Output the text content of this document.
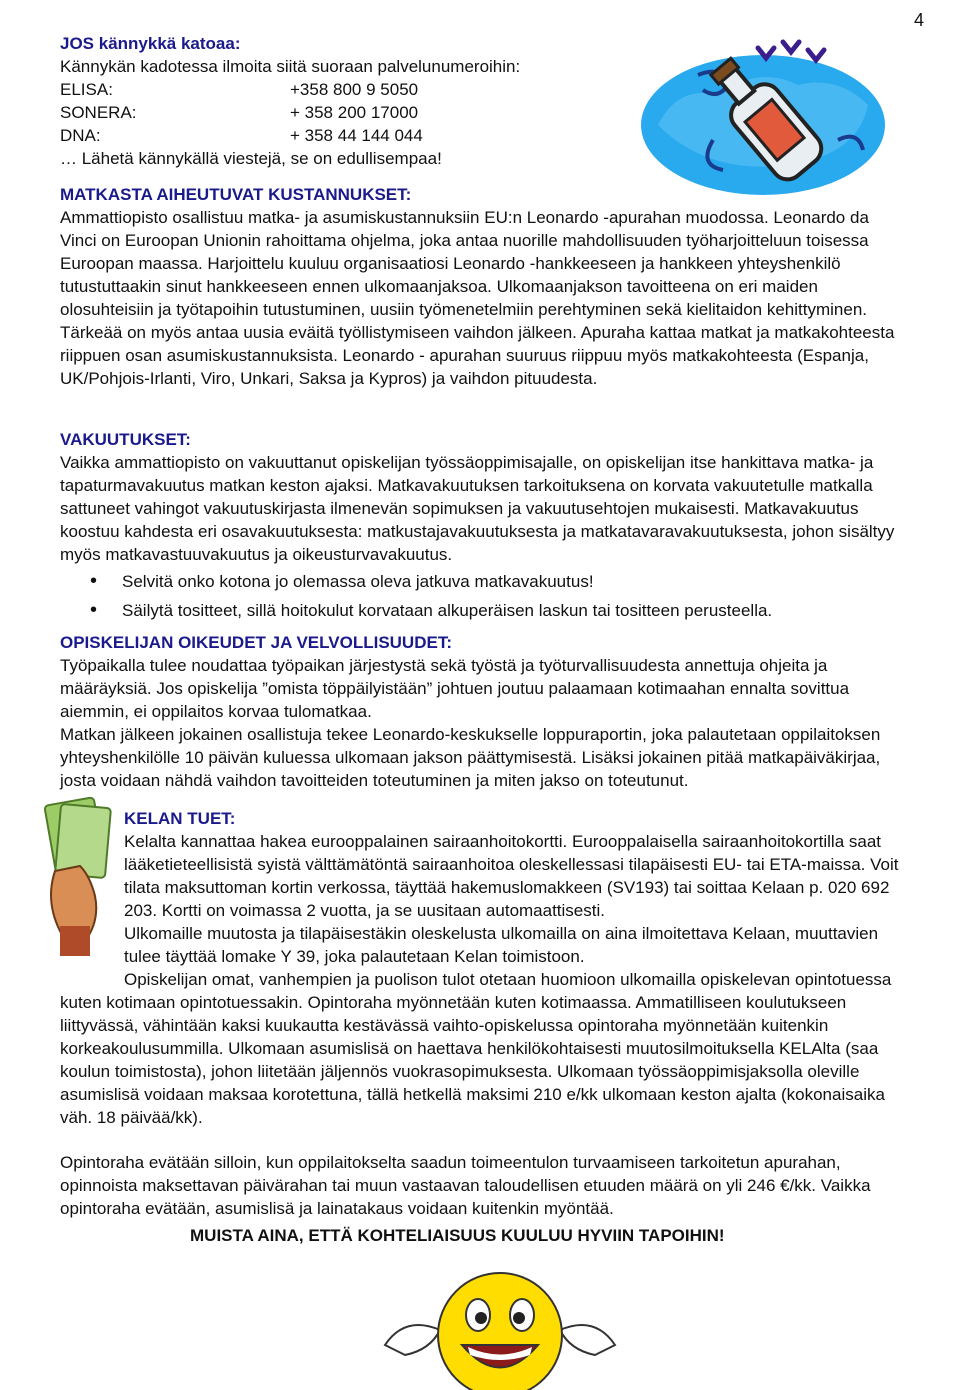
4
JOS kännykkä katoaa:
Kännykän kadotessa ilmoita siitä suoraan palvelunumeroihin:
ELISA:	+358 800 9 5050
SONERA:	+ 358 200 17000
DNA:	+ 358 44 144 044
… Lähetä kännykällä viestejä, se on edullisempaa!
MATKASTA AIHEUTUVAT KUSTANNUKSET:

Ammattiopisto osallistuu matka- ja asumiskustannuksiin EU:n Leonardo -apurahan muodossa. Leonardo da Vinci on Euroopan Unionin rahoittama ohjelma, joka antaa nuorille mahdollisuuden työharjoitteluun toisessa Euroopan maassa. Harjoittelu kuuluu organisaatiosi Leonardo -hankkeeseen ja hankkeen yhteyshenkilö tutustuttaakin sinut hankkeeseen ennen ulkomaanjaksoa. Ulkomaanjakson tavoitteena on eri maiden olosuhteisiin ja työtapoihin tutustuminen, uusiin työmenetelmiin perehtyminen sekä kielitaidon kehittyminen. Tärkeää on myös antaa uusia eväitä työllistymiseen vaihdon jälkeen. Apuraha kattaa matkat ja matkakohteesta riippuen osan asumiskustannuksista. Leonardo - apurahan suuruus riippuu myös matkakohteesta (Espanja, UK/Pohjois-Irlanti, Viro, Unkari, Saksa ja Kypros) ja vaihdon pituudesta.

VAKUUTUKSET:

Vaikka ammattiopisto on vakuuttanut opiskelijan työssäoppimisajalle, on opiskelijan itse hankittava matka- ja tapaturmavakuutus matkan keston ajaksi. Matkavakuutuksen tarkoituksena on korvata vakuutetulle matkalla sattuneet vahingot vakuutuskirjasta ilmenevän sopimuksen ja vakuutusehtojen mukaisesti. Matkavakuutus koostuu kahdesta eri osavakuutuksesta: matkustajavakuutuksesta ja matkatavaravakuutuksesta, johon sisältyy myös matkavastuuvakuutus ja oikeusturvavakuutus.

• Selvitä onko kotona jo olemassa oleva jatkuva matkavakuutus!
• Säilytä tositteet, sillä hoitokulut korvataan alkuperäisen laskun tai tositteen perusteella.
OPISKELIJAN OIKEUDET JA VELVOLLISUUDET:

Työpaikalla tulee noudattaa työpaikan järjestystä sekä työstä ja työturvallisuudesta annettuja ohjeita ja määräyksiä. Jos opiskelija ”omista töppäilyistään” johtuen joutuu palaamaan kotimaahan ennalta sovittua aiemmin, ei oppilaitos korvaa tulomatkaa.

Matkan jälkeen jokainen osallistuja tekee Leonardo-keskukselle loppuraportin, joka palautetaan oppilaitoksen yhteyshenkilölle 10 päivän kuluessa ulkomaan jakson päättymisestä. Lisäksi jokainen pitää matkapäiväkirjaa, josta voidaan nähdä vaihdon tavoitteiden toteutuminen ja miten jakso on toteutunut.

KELAN TUET:

Kelalta kannattaa hakea eurooppalainen sairaanhoitokortti. Eurooppalaisella sairaanhoitokortilla saat lääketieteellisistä syistä välttämätöntä sairaanhoitoa oleskellessasi tilapäisesti EU- tai ETA-maissa. Voit tilata maksuttoman kortin verkossa, täyttää hakemuslomakkeen (SV193) tai soittaa Kelaan p. 020 692 203. Kortti on voimassa 2 vuotta, ja se uusitaan automaattisesti.

Ulkomaille muutosta ja tilapäisestäkin oleskelusta ulkomailla on aina ilmoitettava Kelaan, muuttavien tulee täyttää lomake Y 39, joka palautetaan Kelan toimistoon.

Opiskelijan omat, vanhempien ja puolison tulot otetaan huomioon ulkomailla opiskelevan opintotuessa kuten kotimaan opintotuessakin. Opintoraha myönnetään kuten kotimaassa. Ammatilliseen koulutukseen liittyvässä, vähintään kaksi kuukautta kestävässä vaihto-opiskelussa opintoraha myönnetään kuitenkin korkeakoulusummilla. Ulkomaan asumislisä on haettava henkilökohtaisesti muutosilmoituksella KELAlta (saa koulun toimistosta), johon liitetään jäljennös vuokrasopimuksesta. Ulkomaan työssäoppimisjaksolla oleville asumislisä voidaan maksaa korotettuna, tällä hetkellä maksimi 210 e/kk ulkomaan keston ajalta (kokonaisaika väh. 18 päivää/kk).

Opintoraha evätään silloin, kun oppilaitokselta saadun toimeentulon turvaamiseen tarkoitetun apurahan, opinnoista maksettavan päivärahan tai muun vastaavan taloudellisen etuuden määrä on yli 246 €/kk. Vaikka opintoraha evätään, asumislisä ja lainatakaus voidaan kuitenkin myöntää.

MUISTA AINA, ETTÄ KOHTELIAISUUS KUULUU HYVIIN TAPOIHIN!
